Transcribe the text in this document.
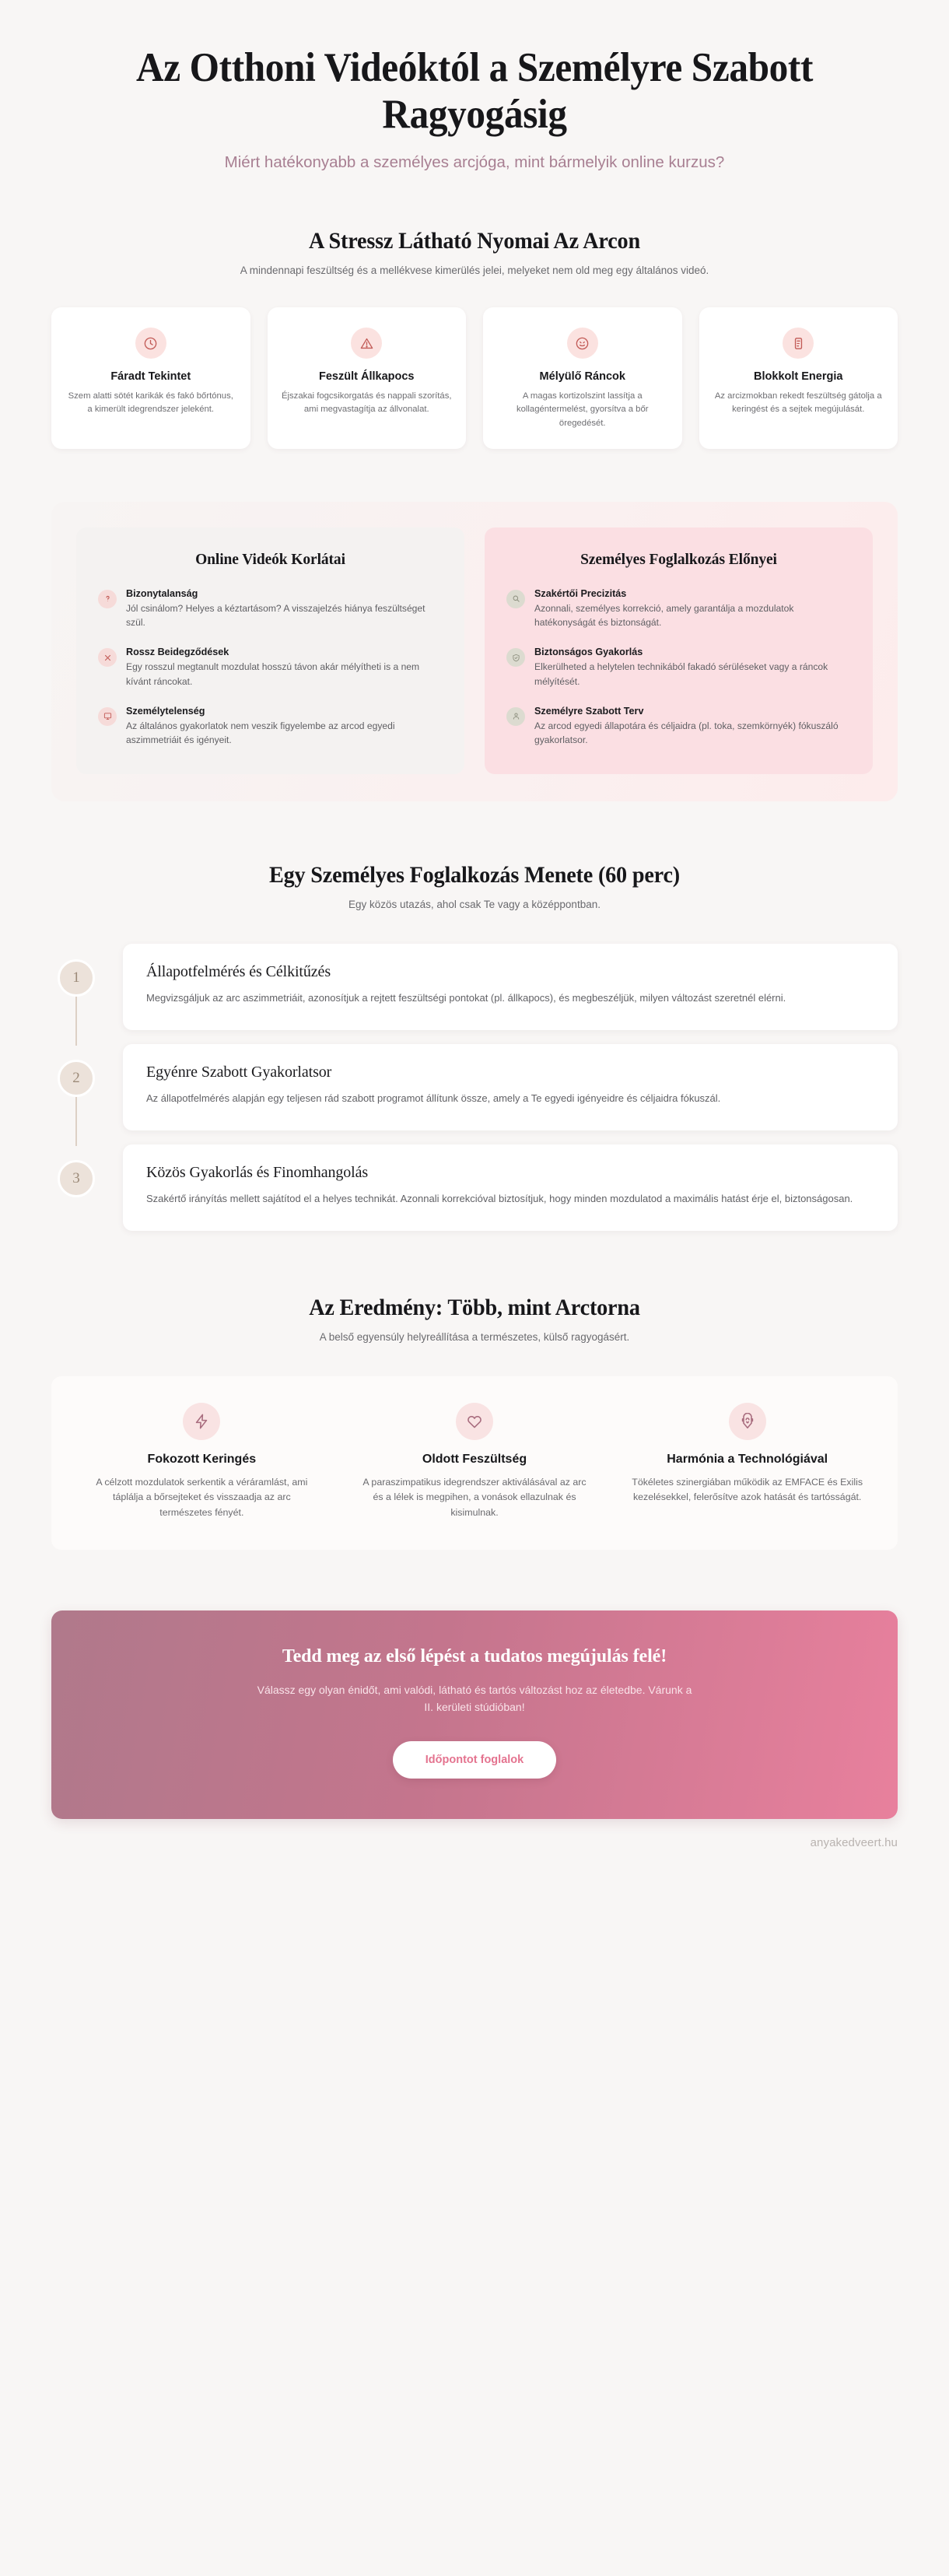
Az Otthoni Videóktól a Személyre Szabott Ragyogásig

Miért hatékonyabb a személyes arcjóga, mint bármelyik online kurzus?

A Stressz Látható Nyomai Az Arcon

A mindennapi feszültség és a mellékvese kimerülés jelei, melyeket nem old meg egy általános videó.

Fáradt Tekintet
Szem alatti sötét karikák és fakó bőrtónus, a kimerült idegrendszer jeleként.
Feszült Állkapocs
Éjszakai fogcsikorgatás és nappali szorítás, ami megvastagítja az állvonalat.
Mélyülő Ráncok
A magas kortizolszint lassítja a kollagéntermelést, gyorsítva a bőr öregedését.
Blokkolt Energia
Az arcizmokban rekedt feszültség gátolja a keringést és a sejtek megújulását.
Online Videók Korlátai
Bizonytalanság
Jól csinálom? Helyes a kéztartásom? A visszajelzés hiánya feszültséget szül.
Rossz Beidegződések
Egy rosszul megtanult mozdulat hosszú távon akár mélyítheti is a nem kívánt ráncokat.
Személytelenség
Az általános gyakorlatok nem veszik figyelembe az arcod egyedi aszimmetriáit és igényeit.
Személyes Foglalkozás Előnyei
Szakértői Precizitás
Azonnali, személyes korrekció, amely garantálja a mozdulatok hatékonyságát és biztonságát.
Biztonságos Gyakorlás
Elkerülheted a helytelen technikából fakadó sérüléseket vagy a ráncok mélyítését.
Személyre Szabott Terv
Az arcod egyedi állapotára és céljaidra (pl. toka, szemkörnyék) fókuszáló gyakorlatsor.
Egy Személyes Foglalkozás Menete (60 perc)

Egy közös utazás, ahol csak Te vagy a középpontban.

1	Állapotfelmérés és Célkitűzés
Megvizsgáljuk az arc aszimmetriáit, azonosítjuk a rejtett feszültségi pontokat (pl. állkapocs), és megbeszéljük, milyen változást szeretnél elérni.
2	Egyénre Szabott Gyakorlatsor
Az állapotfelmérés alapján egy teljesen rád szabott programot állítunk össze, amely a Te egyedi igényeidre és céljaidra fókuszál.
3	Közös Gyakorlás és Finomhangolás
Szakértő irányítás mellett sajátítod el a helyes technikát. Azonnali korrekcióval biztosítjuk, hogy minden mozdulatod a maximális hatást érje el, biztonságosan.
Az Eredmény: Több, mint Arctorna

A belső egyensúly helyreállítása a természetes, külső ragyogásért.

Fokozott Keringés
A célzott mozdulatok serkentik a véráramlást, ami táplálja a bőrsejteket és visszaadja az arc természetes fényét.
Oldott Feszültség
A paraszimpatikus idegrendszer aktiválásával az arc és a lélek is megpihen, a vonások ellazulnak és kisimulnak.
Harmónia a Technológiával
Tökéletes szinergiában működik az EMFACE és Exilis kezelésekkel, felerősítve azok hatását és tartósságát.
Tedd meg az első lépést a tudatos megújulás felé!
Válassz egy olyan énidőt, ami valódi, látható és tartós változást hoz az életedbe. Várunk a II. kerületi stúdióban!
Időpontot foglalok
anyakedveert.hu
